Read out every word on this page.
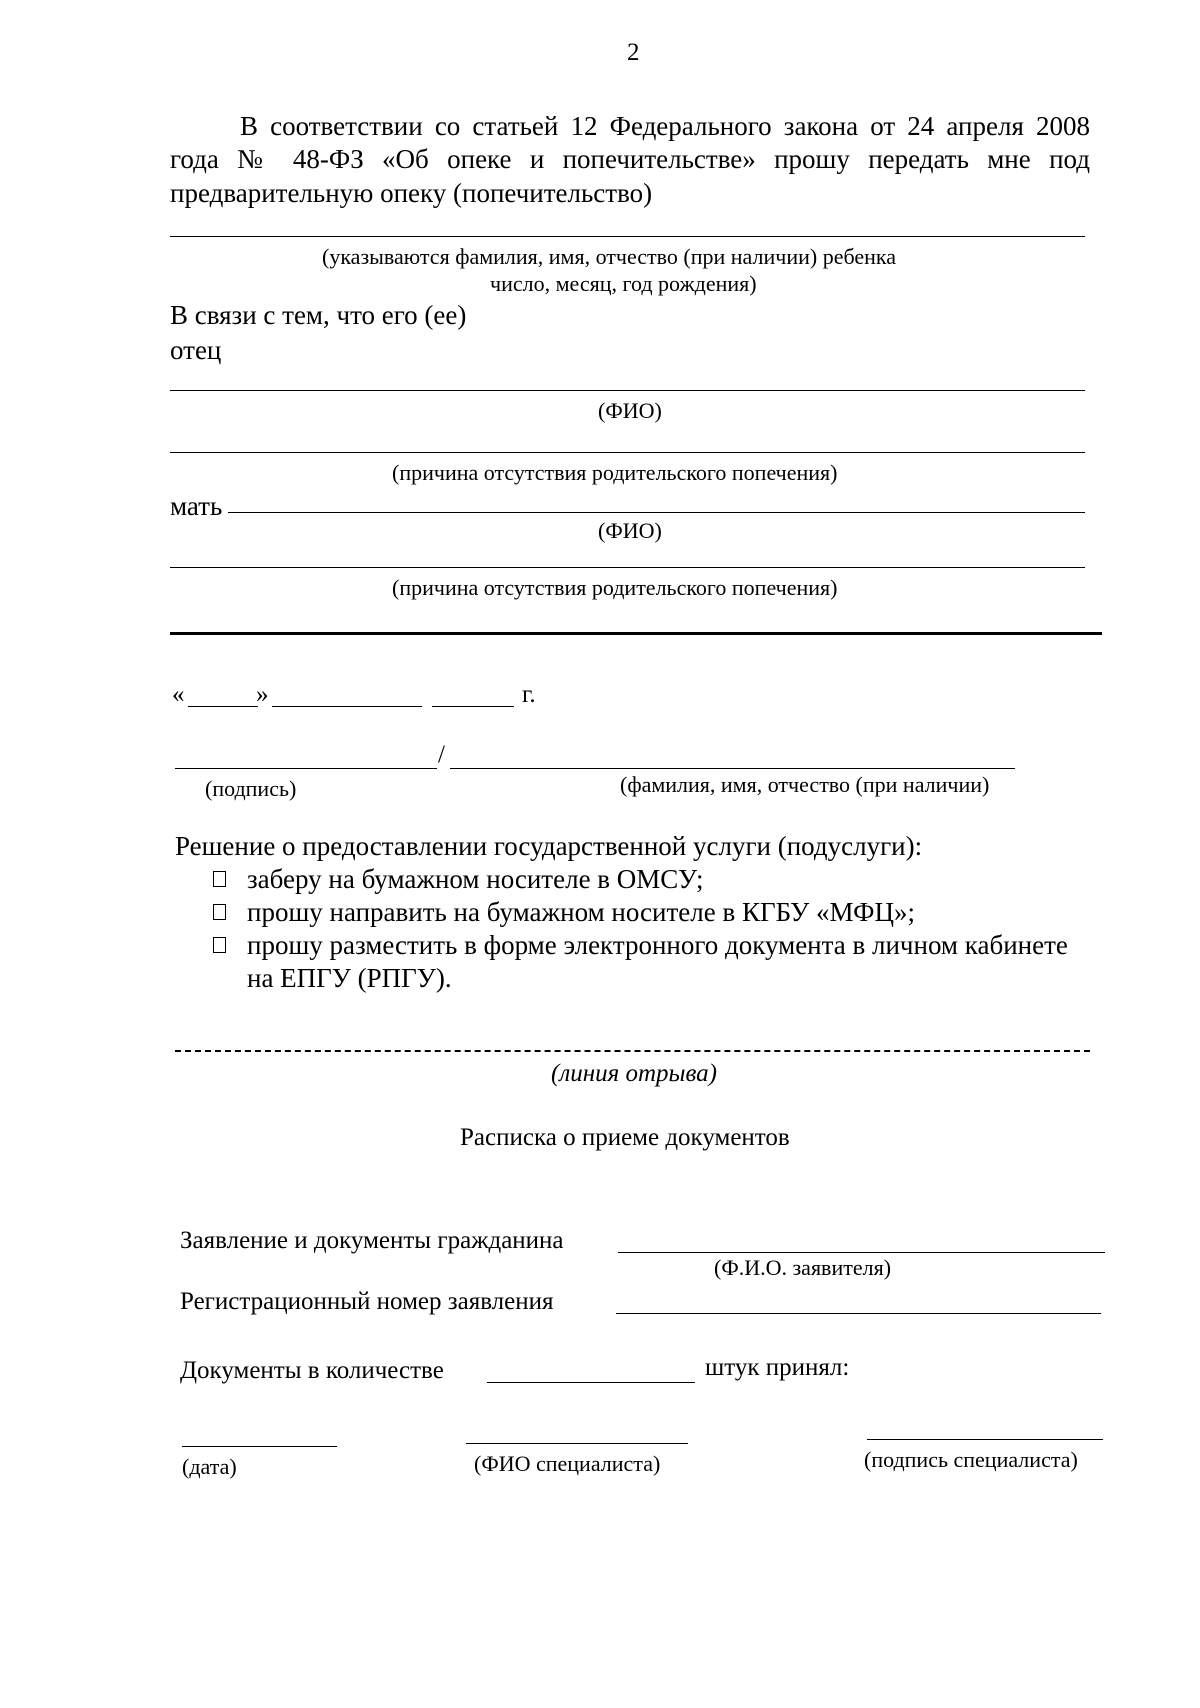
2
В соответствии со статьей 12 Федерального закона от 24 апреля 2008
года № 48-ФЗ «Об опеке и попечительстве» прошу передать мне под
предварительную опеку (попечительство)
(указываются фамилия, имя, отчество (при наличии) ребенка
число, месяц, год рождения)
В связи с тем, что его (ее)
отец
(ФИО)
(причина отсутствия родительского попечения)
мать
(ФИО)
(причина отсутствия родительского попечения)
«	»	г.
/
(подпись)	(фамилия, имя, отчество (при наличии)
Решение о предоставлении государственной услуги (подуслуги):
заберу на бумажном носителе в ОМСУ;
прошу направить на бумажном носителе в КГБУ «МФЦ»;
прошу разместить в форме электронного документа в личном кабинете
на ЕПГУ (РПГУ).
(линия отрыва)
Расписка о приеме документов
Заявление и документы гражданина
(Ф.И.О. заявителя)
Регистрационный номер заявления
Документы в количестве	штук принял:
(дата)	(ФИО специалиста)	(подпись специалиста)
